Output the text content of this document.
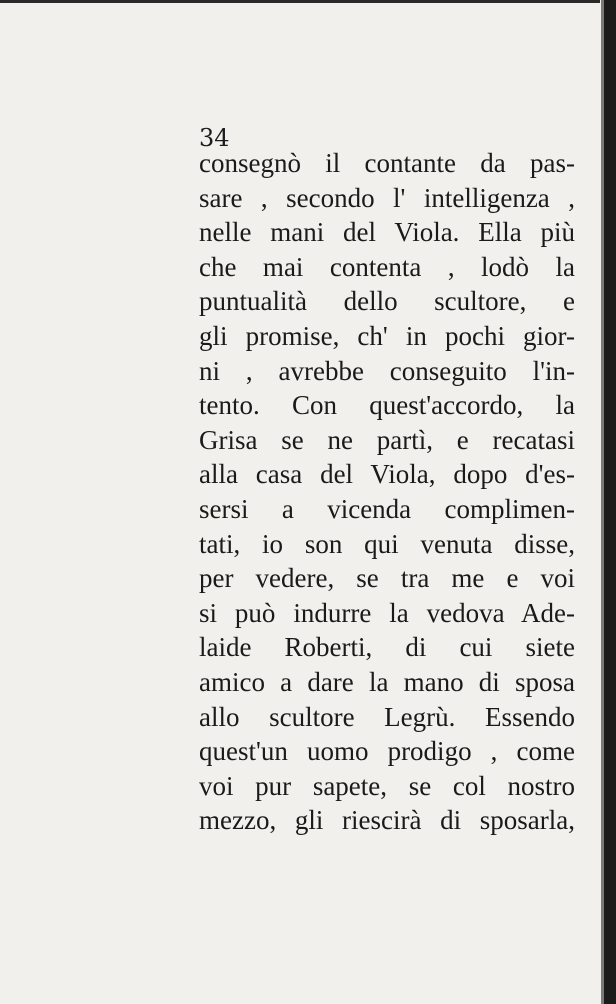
34

consegnò il contante da pas-
sare , secondo l' intelligenza ,
nelle mani del Viola. Ella più
che mai contenta , lodò la
puntualità dello scultore, e
gli promise, ch' in pochi gior-
ni , avrebbe conseguito l'in-
tento. Con quest'accordo, la
Grisa se ne partì, e recatasi
alla casa del Viola, dopo d'es-
sersi a vicenda complimen-
tati, io son qui venuta disse,
per vedere, se tra me e voi
si può indurre la vedova Ade-
laide Roberti, di cui siete
amico a dare la mano di sposa
allo scultore Legrù. Essendo
quest'un uomo prodigo , come
voi pur sapete, se col nostro
mezzo, gli riescirà di sposarla,
